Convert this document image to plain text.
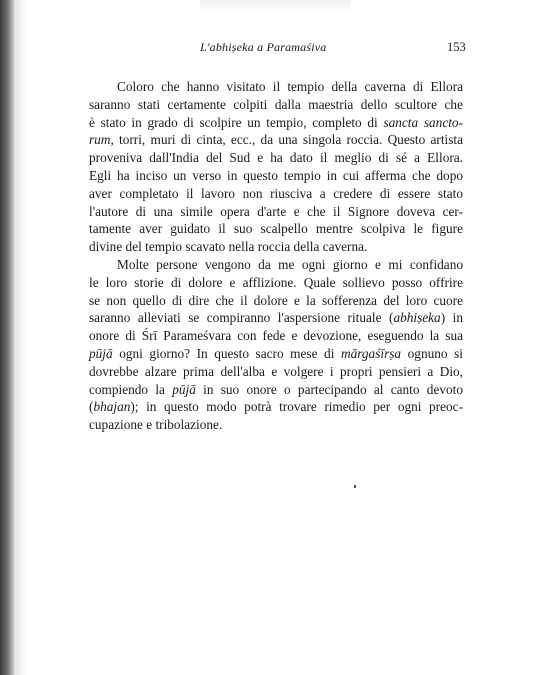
L'abhiṣeka a Paramaśiva	153
Coloro che hanno visitato il tempio della caverna di Ellora
saranno stati certamente colpiti dalla maestria dello scultore che
è stato in grado di scolpire un tempio, completo di sancta sancto-
rum, torri, muri di cinta, ecc., da una singola roccia. Questo artista
proveniva dall'India del Sud e ha dato il meglio di sé a Ellora.
Egli ha inciso un verso in questo tempio in cui afferma che dopo
aver completato il lavoro non riusciva a credere di essere stato
l'autore di una simile opera d'arte e che il Signore doveva cer-
tamente aver guidato il suo scalpello mentre scolpiva le figure
divine del tempio scavato nella roccia della caverna.
Molte persone vengono da me ogni giorno e mi confidano
le loro storie di dolore e afflizione. Quale sollievo posso offrire
se non quello di dire che il dolore e la sofferenza del loro cuore
saranno alleviati se compiranno l'aspersione rituale (abhiṣeka) in
onore di Śrī Parameśvara con fede e devozione, eseguendo la sua
pūjā ogni giorno? In questo sacro mese di mārgaśīrṣa ognuno si
dovrebbe alzare prima dell'alba e volgere i propri pensieri a Dio,
compiendo la pūjā in suo onore o partecipando al canto devoto
(bhajan); in questo modo potrà trovare rimedio per ogni preoc-
cupazione e tribolazione.
